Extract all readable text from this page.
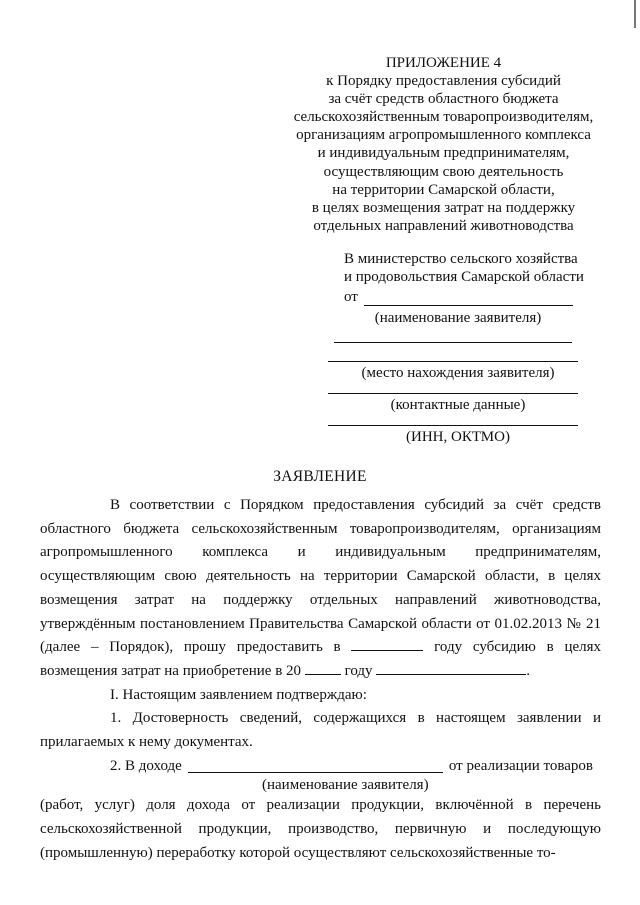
ПРИЛОЖЕНИЕ 4
к Порядку предоставления субсидий
за счёт средств областного бюджета
сельскохозяйственным товаропроизводителям,
организациям агропромышленного комплекса
и индивидуальным предпринимателям,
осуществляющим свою деятельность
на территории Самарской области,
в целях возмещения затрат на поддержку
отдельных направлений животноводства
В министерство сельского хозяйства
и продовольствия Самарской области
от
(наименование заявителя)
(место нахождения заявителя)
(контактные данные)
(ИНН, ОКТМО)
ЗАЯВЛЕНИЕ

В соответствии с Порядком предоставления субсидий за счёт средств областного бюджета сельскохозяйственным товаропроизводителям, организациям агропромышленного комплекса и индивидуальным предпринимателям, осуществляющим свою деятельность на территории Самарской области, в целях возмещения затрат на поддержку отдельных направлений животноводства, утверждённым постановлением Правительства Самарской области от 01.02.2013 № 21 (далее – Порядок), прошу предоставить в	году субсидию в целях возмещения затрат на приобретение в 20	году	.

I. Настоящим заявлением подтверждаю:

1. Достоверность сведений, содержащихся в настоящем заявлении и прилагаемых к нему документах.

2. В доходе	от реализации товаров
(наименование заявителя)

(работ, услуг) доля дохода от реализации продукции, включённой в перечень сельскохозяйственной продукции, производство, первичную и последующую (промышленную) переработку которой осуществляют сельскохозяйственные то-
